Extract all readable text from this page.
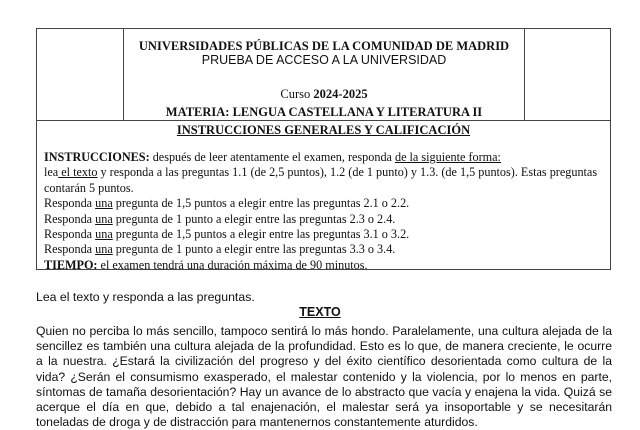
UNIVERSIDADES PÚBLICAS DE LA COMUNIDAD DE MADRID
PRUEBA DE ACCESO A LA UNIVERSIDAD
Curso 2024-2025
MATERIA: LENGUA CASTELLANA Y LITERATURA II
INSTRUCCIONES GENERALES Y CALIFICACIÓN

INSTRUCCIONES: después de leer atentamente el examen, responda de la siguiente forma:

lea el texto y responda a las preguntas 1.1 (de 2,5 puntos), 1.2 (de 1 punto) y 1.3. (de 1,5 puntos). Estas preguntas contarán 5 puntos.

Responda una pregunta de 1,5 puntos a elegir entre las preguntas 2.1 o 2.2.

Responda una pregunta de 1 punto a elegir entre las preguntas 2.3 o 2.4.

Responda una pregunta de 1,5 puntos a elegir entre las preguntas 3.1 o 3.2.

Responda una pregunta de 1 punto a elegir entre las preguntas 3.3 o 3.4.

TIEMPO: el examen tendrá una duración máxima de 90 minutos.

Lea el texto y responda a las preguntas.
TEXTO

Quien no perciba lo más sencillo, tampoco sentirá lo más hondo. Paralelamente, una cultura alejada de la sencillez es también una cultura alejada de la profundidad. Esto es lo que, de manera creciente, le ocurre a la nuestra. ¿Estará la civilización del progreso y del éxito científico desorientada como cultura de la vida? ¿Serán el consumismo exasperado, el malestar contenido y la violencia, por lo menos en parte, síntomas de tamaña desorientación? Hay un avance de lo abstracto que vacía y enajena la vida. Quizá se acerque el día en que, debido a tal enajenación, el malestar será ya insoportable y se necesitarán toneladas de droga y de distracción para mantenernos constantemente aturdidos.
